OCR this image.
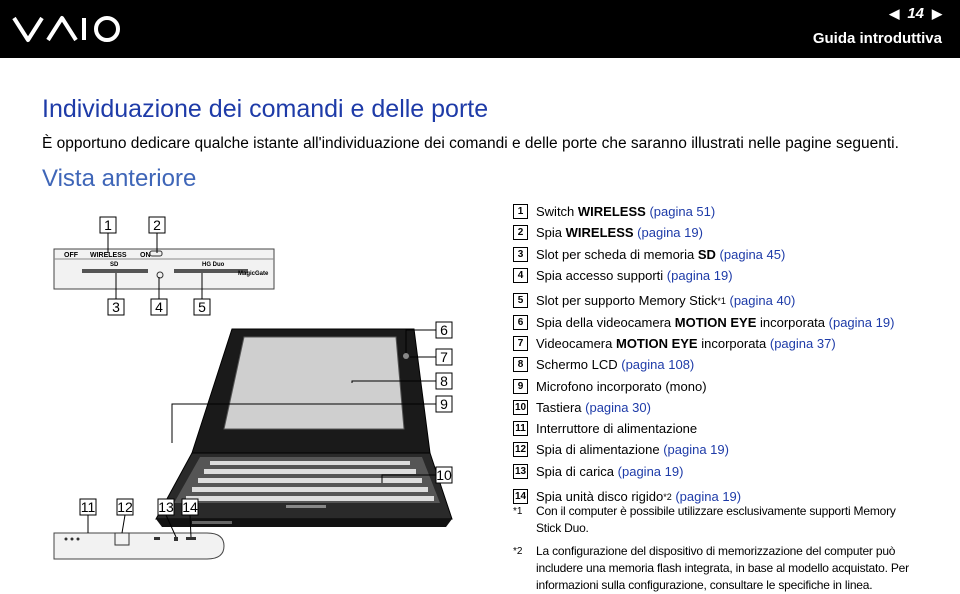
◀ 14 ▶
Guida introduttiva
Individuazione dei comandi e delle porte
È opportuno dedicare qualche istante all'individuazione dei comandi e delle porte che saranno illustrati nelle pagine seguenti.
Vista anteriore
OFF WIRELESS ON
SD	HG Duo
MagicGate
1	2
3	4	5
6
7
8
9
10
11 12 13 14
1 Switch WIRELESS
(pagina 51)
2 Spia WIRELESS
(pagina 19)
3 Slot per scheda di memoria SD
(pagina 45)
4 Spia accesso supporti (pagina 19)
5 Slot per supporto Memory Stick *1
(pagina 40)
6 Spia della videocamera MOTION EYE incorporata (pagina 19)
7 Videocamera MOTION EYE incorporata (pagina 37)
8 Schermo LCD (pagina 108)
9 Microfono incorporato (mono)
10 Tastiera (pagina 30)
11 Interruttore di alimentazione
12 Spia di alimentazione (pagina 19)
13 Spia di carica (pagina 19)
14 Spia unità disco rigido *2
(pagina 19)
*1 Con il computer è possibile utilizzare esclusivamente supporti Memory Stick Duo.
*2 La configurazione del dispositivo di memorizzazione del computer può includere una memoria flash integrata, in base al modello acquistato. Per informazioni sulla configurazione, consultare le specifiche in linea.
